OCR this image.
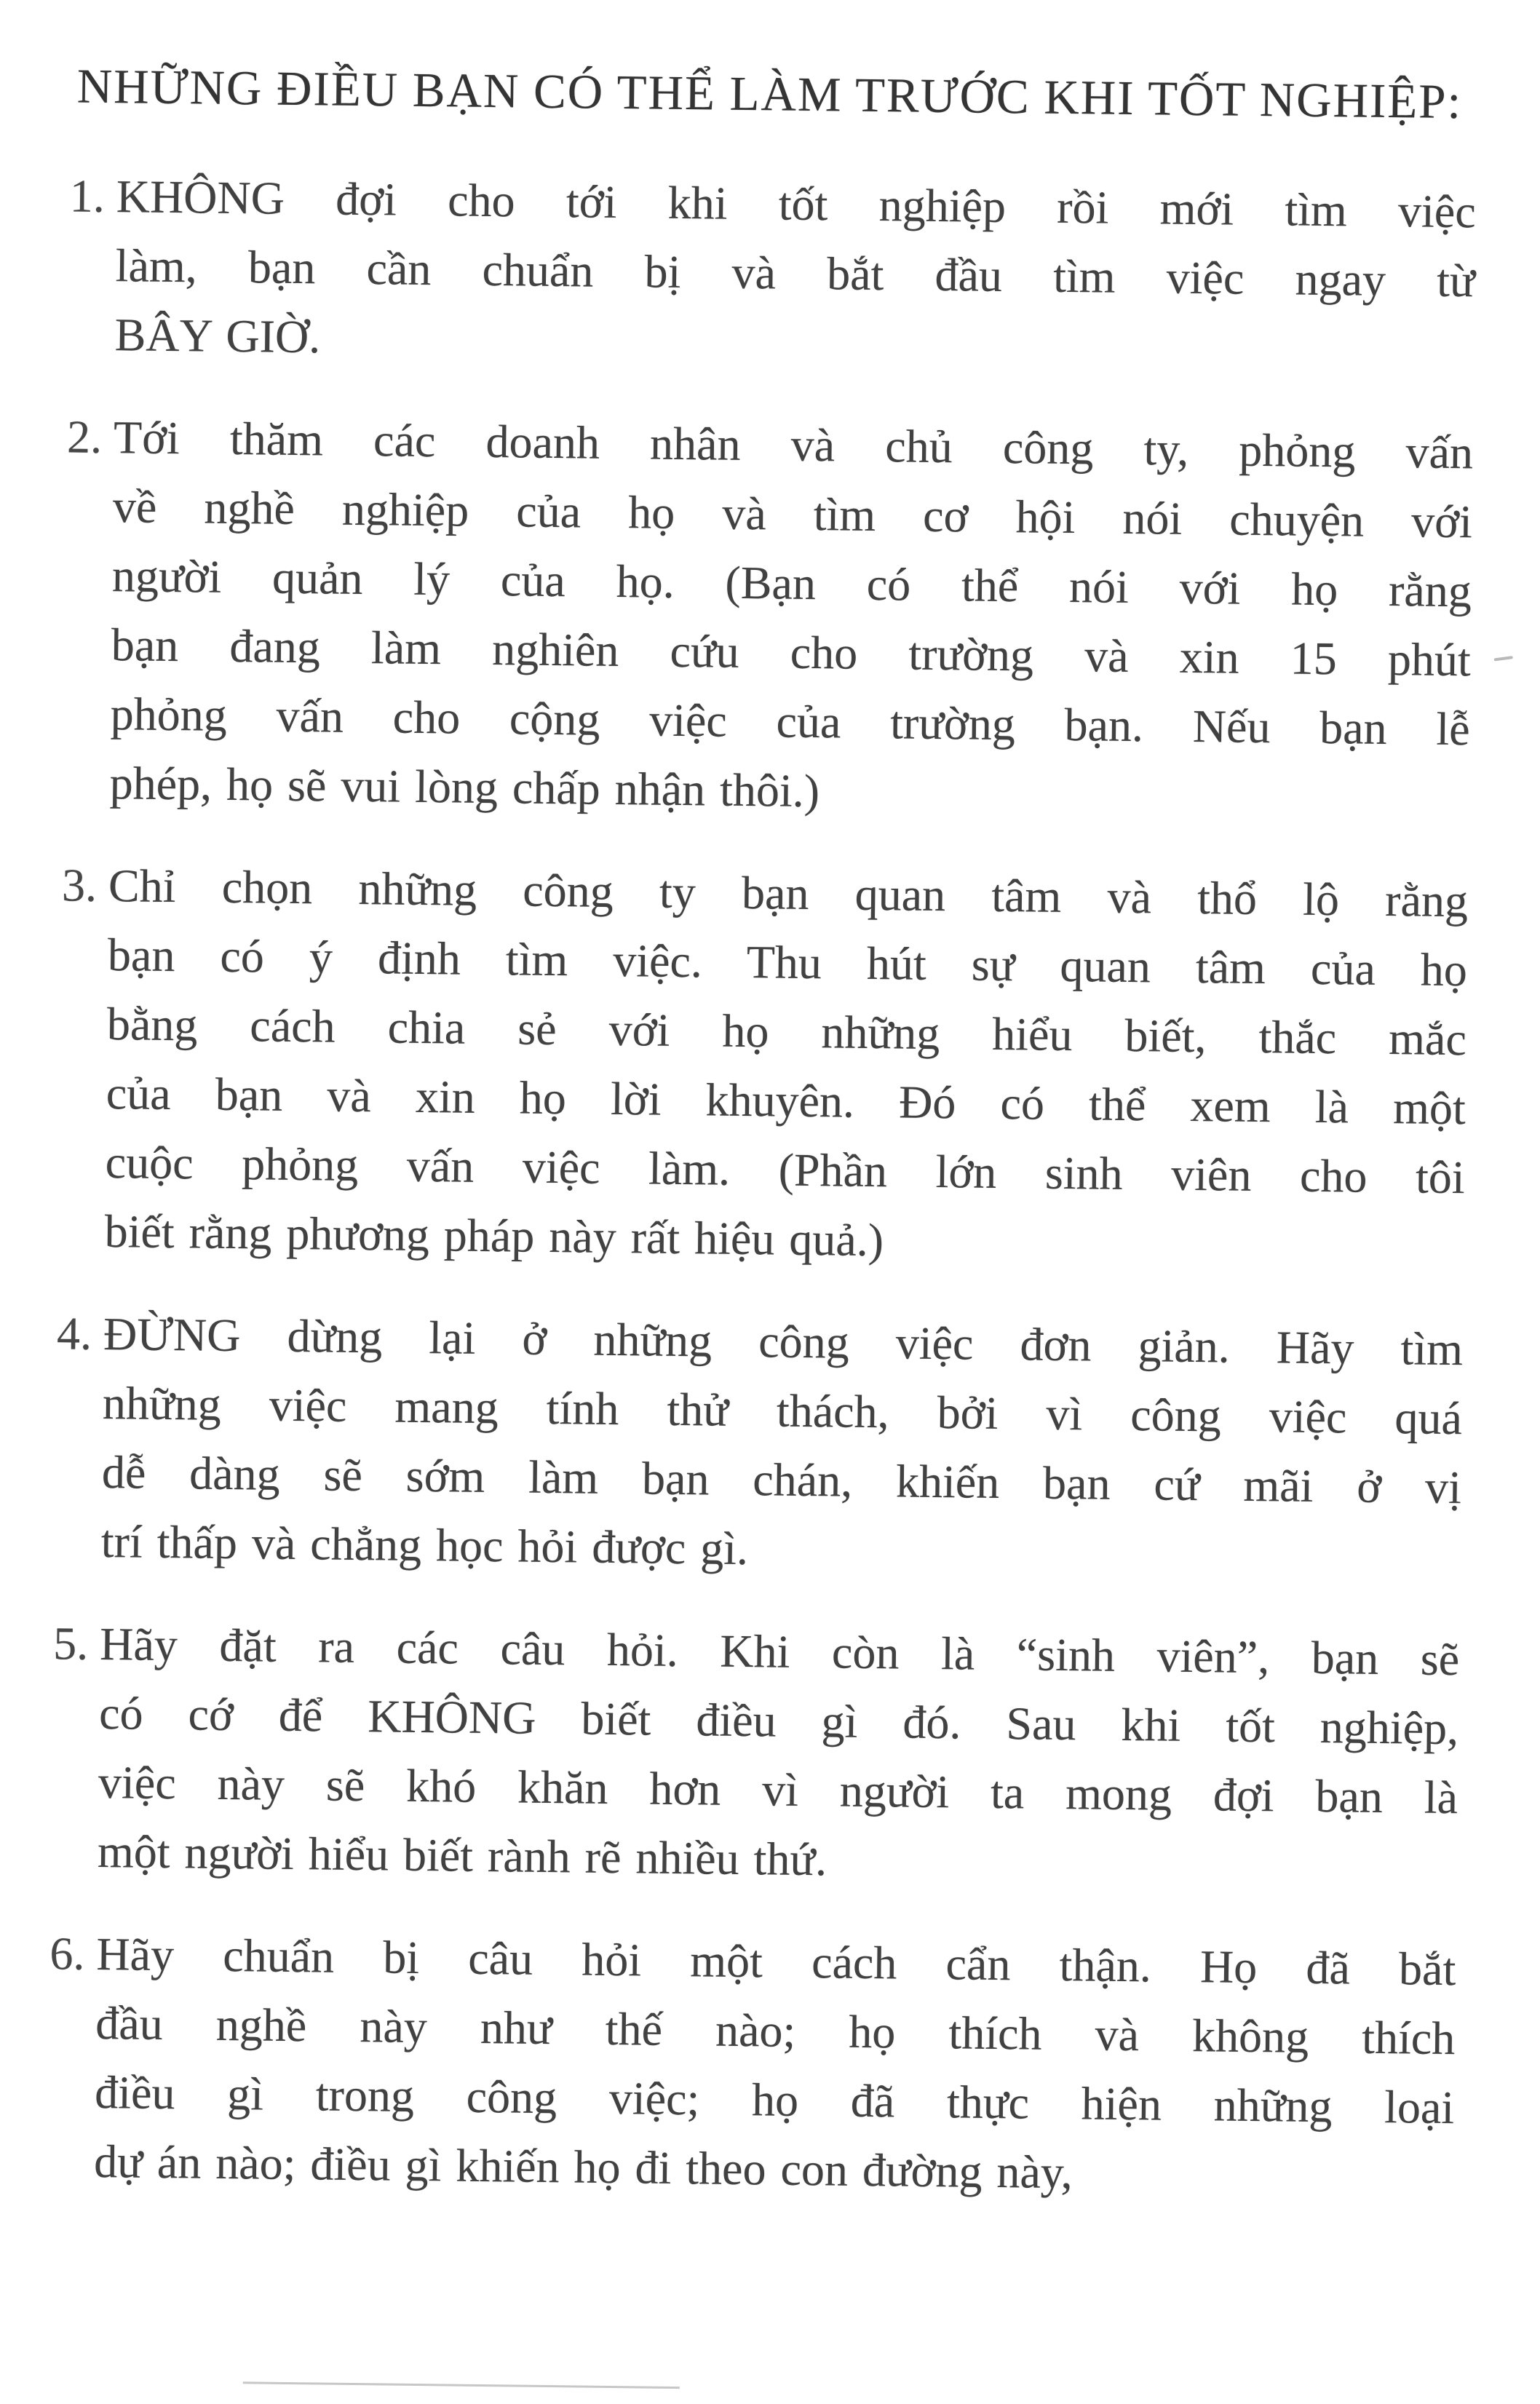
NHỮNG ĐIỀU BẠN CÓ THỂ LÀM TRƯỚC KHI TỐT NGHIỆP:
1. KHÔNG đợi cho tới khi tốt nghiệp rồi mới tìm việc
làm, bạn cần chuẩn bị và bắt đầu tìm việc ngay từ
BÂY GIỜ.
2. Tới thăm các doanh nhân và chủ công ty, phỏng vấn
về nghề nghiệp của họ và tìm cơ hội nói chuyện với
người quản lý của họ. (Bạn có thể nói với họ rằng
bạn đang làm nghiên cứu cho trường và xin 15 phút
phỏng vấn cho cộng việc của trường bạn. Nếu bạn lễ
phép, họ sẽ vui lòng chấp nhận thôi.)
3. Chỉ chọn những công ty bạn quan tâm và thổ lộ rằng
bạn có ý định tìm việc. Thu hút sự quan tâm của họ
bằng cách chia sẻ với họ những hiểu biết, thắc mắc
của bạn và xin họ lời khuyên. Đó có thể xem là một
cuộc phỏng vấn việc làm. (Phần lớn sinh viên cho tôi
biết rằng phương pháp này rất hiệu quả.)
4. ĐỪNG dừng lại ở những công việc đơn giản. Hãy tìm
những việc mang tính thử thách, bởi vì công việc quá
dễ dàng sẽ sớm làm bạn chán, khiến bạn cứ mãi ở vị
trí thấp và chẳng học hỏi được gì.
5. Hãy đặt ra các câu hỏi. Khi còn là “sinh viên”, bạn sẽ
có cớ để KHÔNG biết điều gì đó. Sau khi tốt nghiệp,
việc này sẽ khó khăn hơn vì người ta mong đợi bạn là
một người hiểu biết rành rẽ nhiều thứ.
6. Hãy chuẩn bị câu hỏi một cách cẩn thận. Họ đã bắt
đầu nghề này như thế nào; họ thích và không thích
điều gì trong công việc; họ đã thực hiện những loại
dự án nào; điều gì khiến họ đi theo con đường này,
